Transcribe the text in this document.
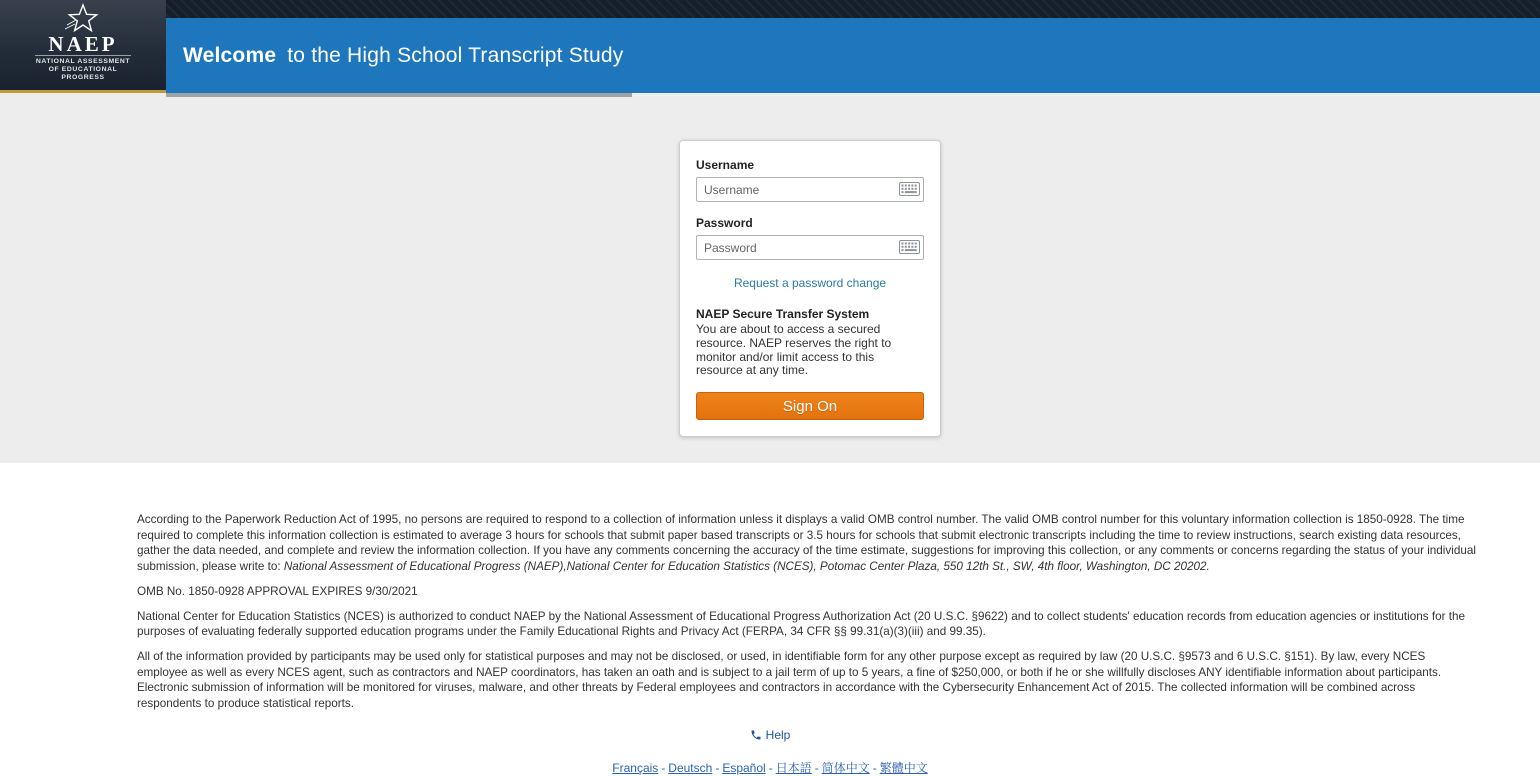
NAEP
NATIONAL ASSESSMENT OF EDUCATIONAL PROGRESS
Welcome to the High School Transcript Study
Username
Username
Password
Password
Request a password change
NAEP Secure Transfer System
You are about to access a secured resource. NAEP reserves the right to monitor and/or limit access to this resource at any time.
Sign On

According to the Paperwork Reduction Act of 1995, no persons are required to respond to a collection of information unless it displays a valid OMB control number. The valid OMB control number for this voluntary information collection is 1850-0928. The time required to complete this information collection is estimated to average 3 hours for schools that submit paper based transcripts or 3.5 hours for schools that submit electronic transcripts including the time to review instructions, search existing data resources, gather the data needed, and complete and review the information collection. If you have any comments concerning the accuracy of the time estimate, suggestions for improving this collection, or any comments or concerns regarding the status of your individual submission, please write to: National Assessment of Educational Progress (NAEP),National Center for Education Statistics (NCES), Potomac Center Plaza, 550 12th St., SW, 4th floor, Washington, DC 20202.

OMB No. 1850-0928 APPROVAL EXPIRES 9/30/2021

National Center for Education Statistics (NCES) is authorized to conduct NAEP by the National Assessment of Educational Progress Authorization Act (20 U.S.C. §9622) and to collect students' education records from education agencies or institutions for the purposes of evaluating federally supported education programs under the Family Educational Rights and Privacy Act (FERPA, 34 CFR §§ 99.31(a)(3)(iii) and 99.35).

All of the information provided by participants may be used only for statistical purposes and may not be disclosed, or used, in identifiable form for any other purpose except as required by law (20 U.S.C. §9573 and 6 U.S.C. §151). By law, every NCES employee as well as every NCES agent, such as contractors and NAEP coordinators, has taken an oath and is subject to a jail term of up to 5 years, a fine of $250,000, or both if he or she willfully discloses ANY identifiable information about participants. Electronic submission of information will be monitored for viruses, malware, and other threats by Federal employees and contractors in accordance with the Cybersecurity Enhancement Act of 2015. The collected information will be combined across respondents to produce statistical reports.

Help
Français - Deutsch - Español - 日本語 - 简体中文 - 繁體中文
